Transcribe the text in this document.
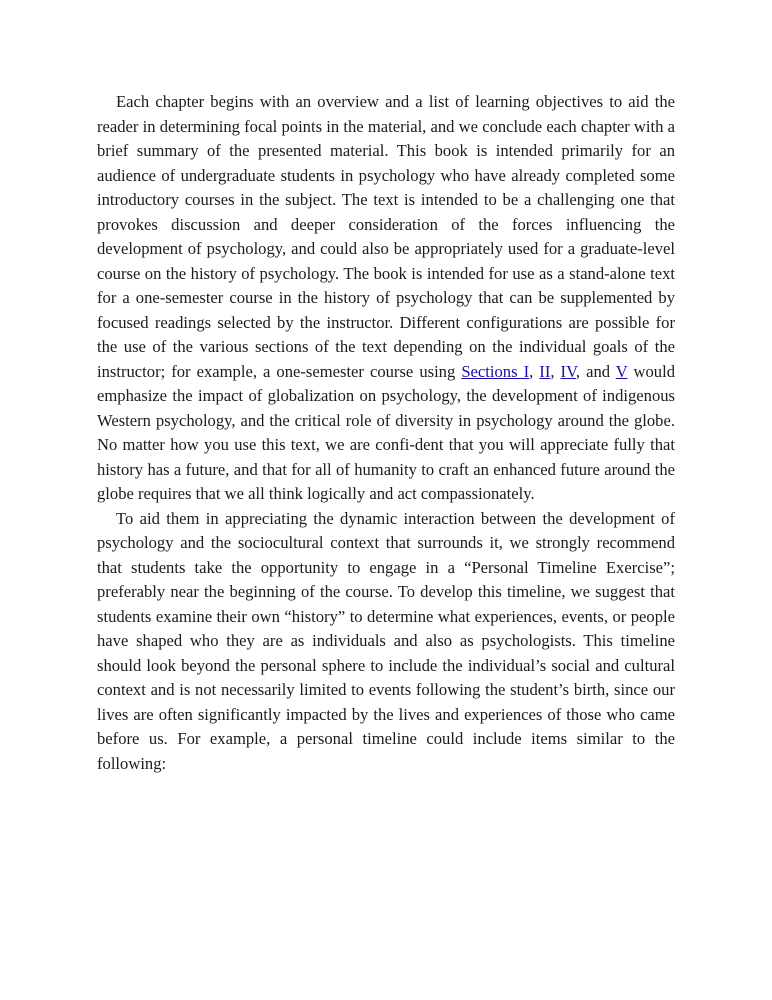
Each chapter begins with an overview and a list of learning objectives to aid the reader in determining focal points in the material, and we conclude each chapter with a brief summary of the presented material. This book is intended primarily for an audience of undergraduate students in psychology who have already completed some introductory courses in the subject. The text is intended to be a challenging one that provokes discussion and deeper consideration of the forces influencing the development of psychology, and could also be appropriately used for a graduate-level course on the history of psychology. The book is intended for use as a stand-alone text for a one-semester course in the history of psychology that can be supplemented by focused readings selected by the instructor. Different configurations are possible for the use of the various sections of the text depending on the individual goals of the instructor; for example, a one-semester course using Sections I, II, IV, and V would emphasize the impact of globalization on psychology, the development of indigenous Western psychology, and the critical role of diversity in psychology around the globe. No matter how you use this text, we are confi-dent that you will appreciate fully that history has a future, and that for all of humanity to craft an enhanced future around the globe requires that we all think logically and act compassionately.

To aid them in appreciating the dynamic interaction between the development of psychology and the sociocultural context that surrounds it, we strongly recommend that students take the opportunity to engage in a “Personal Timeline Exercise”; preferably near the beginning of the course. To develop this timeline, we suggest that students examine their own “history” to determine what experiences, events, or people have shaped who they are as individuals and also as psychologists. This timeline should look beyond the personal sphere to include the individual’s social and cultural context and is not necessarily limited to events following the student’s birth, since our lives are often significantly impacted by the lives and experiences of those who came before us. For example, a personal timeline could include items similar to the following:
